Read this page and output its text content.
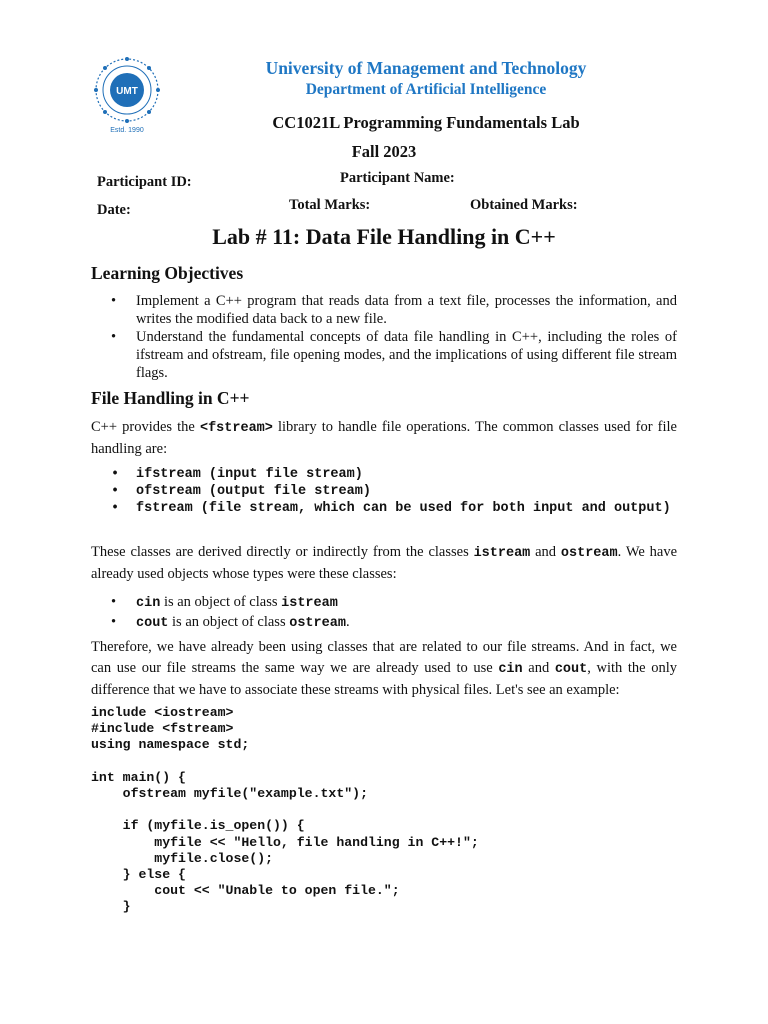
UMT
Estd. 1990
University of Management and Technology
Department of Artificial Intelligence
CC1021L Programming Fundamentals Lab
Fall 2023
Participant ID:	Participant Name:
Date:	Total Marks:	Obtained Marks:
Lab # 11: Data File Handling in C++
Learning Objectives
• Implement a C++ program that reads data from a text file, processes the information, and writes the modified data back to a new file.
• Understand the fundamental concepts of data file handling in C++, including the roles of ifstream and ofstream, file opening modes, and the implications of using different file stream flags.
File Handling in C++

C++ provides the <fstream> library to handle file operations. The common classes used for file handling are:

• ifstream (input file stream)
• ofstream (output file stream)
• fstream (file stream, which can be used for both input and output)

These classes are derived directly or indirectly from the classes istream and ostream. We have already used objects whose types were these classes:

• cin is an object of class istream
• cout is an object of class ostream.

Therefore, we have already been using classes that are related to our file streams. And in fact, we can use our file streams the same way we are already used to use cin and cout, with the only difference that we have to associate these streams with physical files. Let's see an example:

include <iostream>
#include <fstream>
using namespace std;

int main() {
ofstream myfile("example.txt");

if (myfile.is_open()) {
myfile << "Hello, file handling in C++!";
myfile.close();
} else {
cout << "Unable to open file.";
}
